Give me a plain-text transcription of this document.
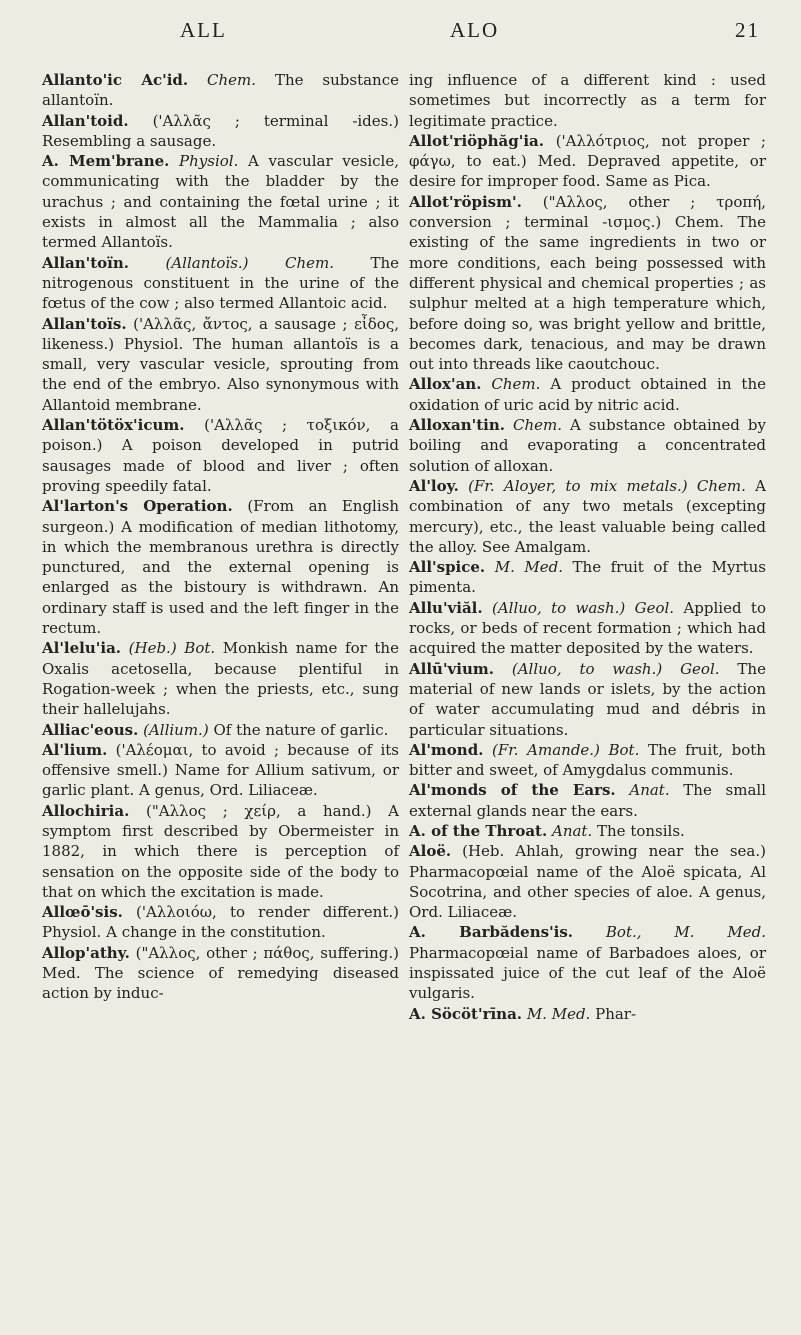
ALL	ALO	21

Allanto'ic Ac'id. Chem. The substance allantoïn.

Allan'toid. ('Αλλᾶς ; terminal -ides.) Resembling a sausage.

A. Mem'brane. Physiol. A vascular vesicle, communicating with the bladder by the urachus ; and containing the fœtal urine ; it exists in almost all the Mammalia ; also termed Allantoïs.

Allan'toïn. (Allantoïs.) Chem. The nitrogenous constituent in the urine of the fœtus of the cow ; also termed Allantoic acid.

Allan'toïs. ('Αλλᾶς, ἄντος, a sausage ; εἶδος, likeness.) Physiol. The human allantoïs is a small, very vascular vesicle, sprouting from the end of the embryo. Also synonymous with Allantoid membrane.

Allan'tötöx'icum. ('Αλλᾶς ; τοξικόν, a poison.) A poison developed in putrid sausages made of blood and liver ; often proving speedily fatal.

Al'larton's Operation. (From an English surgeon.) A modification of median lithotomy, in which the membranous urethra is directly punctured, and the external opening is enlarged as the bistoury is withdrawn. An ordinary staff is used and the left finger in the rectum.

Al'lelu'ia. (Heb.) Bot. Monkish name for the Oxalis acetosella, because plentiful in Rogation-week ; when the priests, etc., sung their hallelujahs.

Alliac'eous. (Allium.) Of the nature of garlic.

Al'lium. ('Αλέομαι, to avoid ; because of its offensive smell.) Name for Allium sativum, or garlic plant. A genus, Ord. Liliaceæ.

Allochiria. ("Αλλος ; χείρ, a hand.) A symptom first described by Obermeister in 1882, in which there is perception of sensation on the opposite side of the body to that on which the excitation is made.

Allœō'sis. ('Αλλοιόω, to render different.) Physiol. A change in the constitution.

Allop'athy. ("Αλλος, other ; πάθος, suffering.) Med. The science of remedying diseased action by induc-

ing influence of a different kind : used sometimes but incorrectly as a term for legitimate practice.

Allot'riöphăg'ia. ('Αλλότριος, not proper ; φάγω, to eat.) Med. Depraved appetite, or desire for improper food. Same as Pica.

Allot'röpism'. ("Αλλος, other ; τροπή, conversion ; terminal -ισμος.) Chem. The existing of the same ingredients in two or more conditions, each being possessed with different physical and chemical properties ; as sulphur melted at a high temperature which, before doing so, was bright yellow and brittle, becomes dark, tenacious, and may be drawn out into threads like caoutchouc.

Allox'an. Chem. A product obtained in the oxidation of uric acid by nitric acid.

Alloxan'tin. Chem. A substance obtained by boiling and evaporating a concentrated solution of alloxan.

Al'loy. (Fr. Aloyer, to mix metals.) Chem. A combination of any two metals (excepting mercury), etc., the least valuable being called the alloy. See Amalgam.

All'spice. M. Med. The fruit of the Myrtus pimenta.

Allu'viăl. (Alluo, to wash.) Geol. Applied to rocks, or beds of recent formation ; which had acquired the matter deposited by the waters.

Allū'vium. (Alluo, to wash.) Geol. The material of new lands or islets, by the action of water accumulating mud and débris in particular situations.

Al'mond. (Fr. Amande.) Bot. The fruit, both bitter and sweet, of Amygdalus communis.

Al'monds of the Ears. Anat. The small external glands near the ears.

A. of the Throat. Anat. The tonsils.

Aloë. (Heb. Ahlah, growing near the sea.) Pharmacopœial name of the Aloë spicata, Al Socotrina, and other species of aloe. A genus, Ord. Liliaceæ.

A. Barbădens'is. Bot., M. Med. Pharmacopœial name of Barbadoes aloes, or inspissated juice of the cut leaf of the Aloë vulgaris.

A. Söcöt'rīna. M. Med. Phar-
